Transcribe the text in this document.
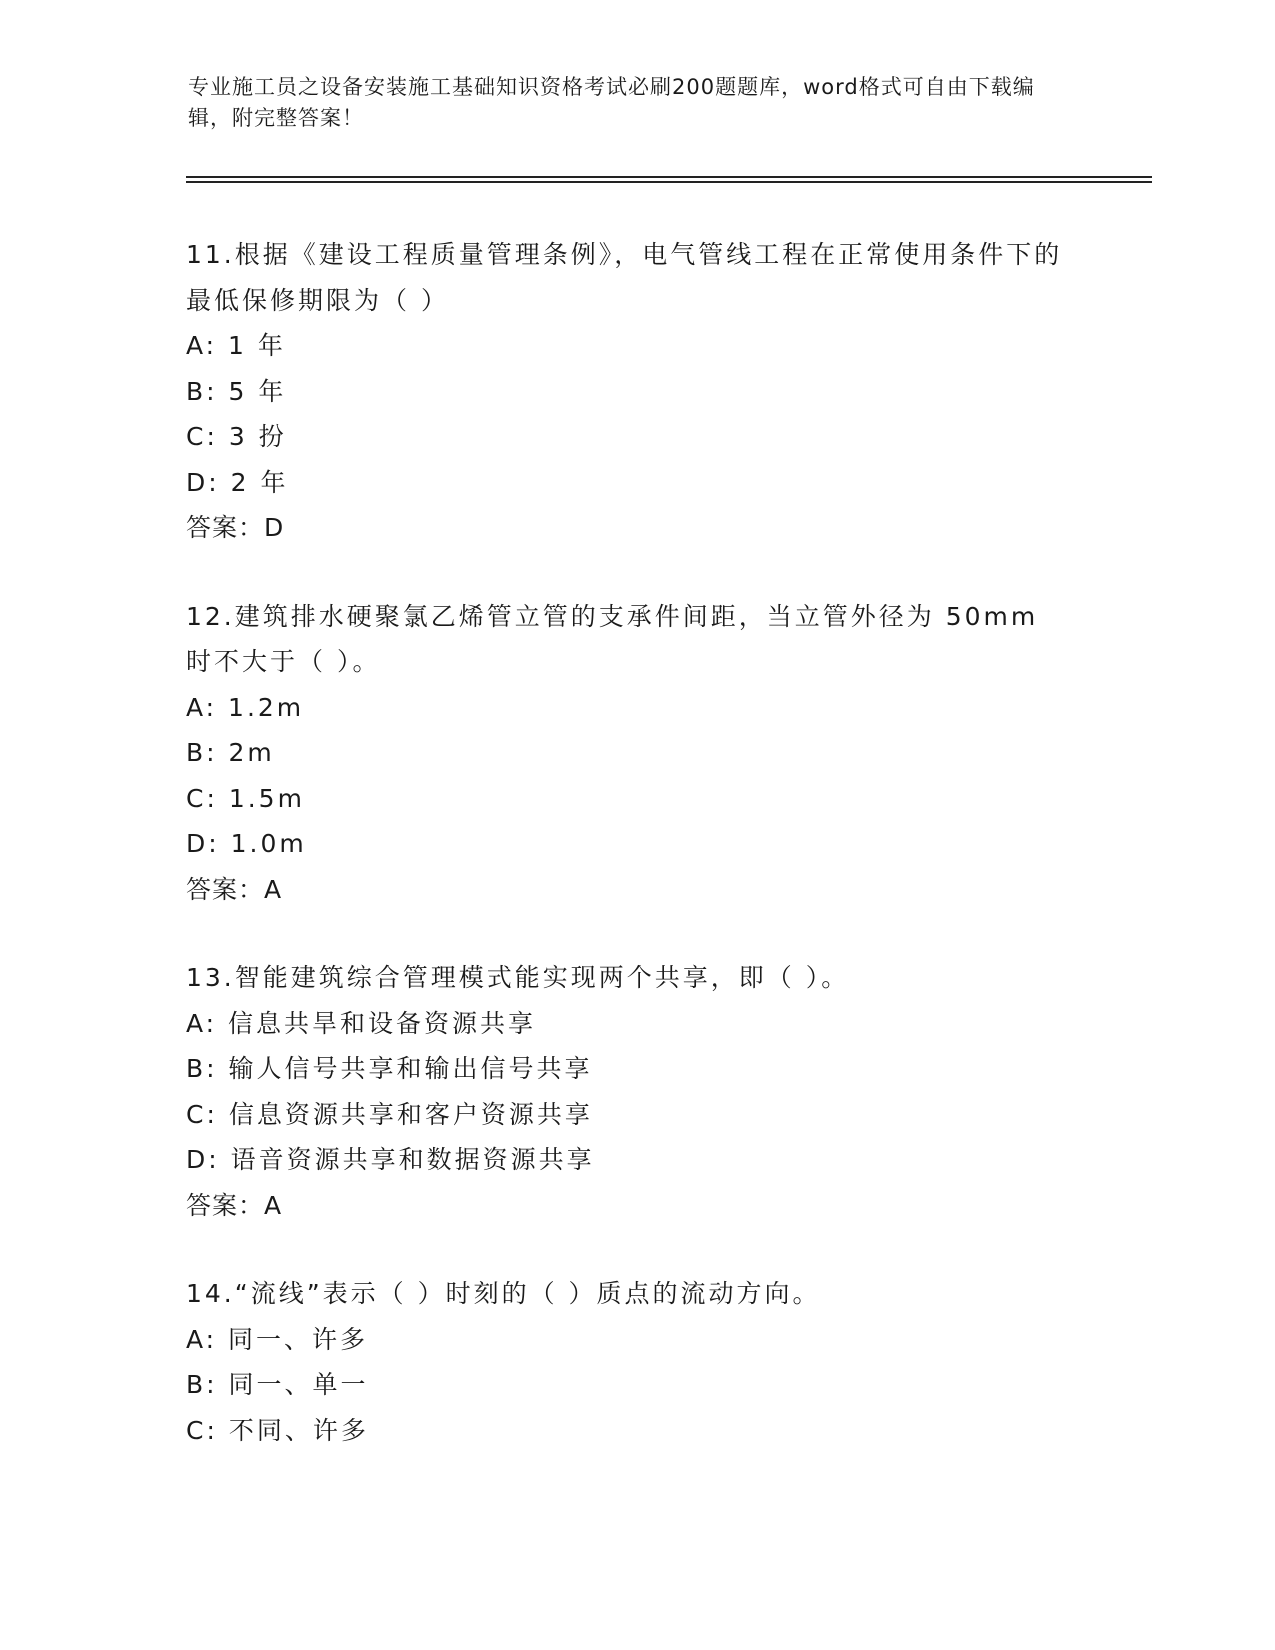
专业施工员之设备安装施工基础知识资格考试必刷200题题库，word格式可自由下载编辑，附完整答案！
11.根据《建设工程质量管理条例》，电气管线工程在正常使用条件下的最低保修期限为（ ）
A: 1 年
B: 5 年
C: 3 扮
D: 2 年
答案：D
12.建筑排水硬聚氯乙烯管立管的支承件间距，当立管外径为 50mm 时不大于（ ）。
A: 1.2m
B: 2m
C: 1.5m
D: 1.0m
答案：A
13.智能建筑综合管理模式能实现两个共享，即（ ）。
A: 信息共旱和设备资源共享
B: 输人信号共享和输出信号共享
C: 信息资源共享和客户资源共享
D: 语音资源共享和数据资源共享
答案：A
14.“流线”表示（ ）时刻的（ ）质点的流动方向。
A: 同一、许多
B: 同一、单一
C: 不同、许多
